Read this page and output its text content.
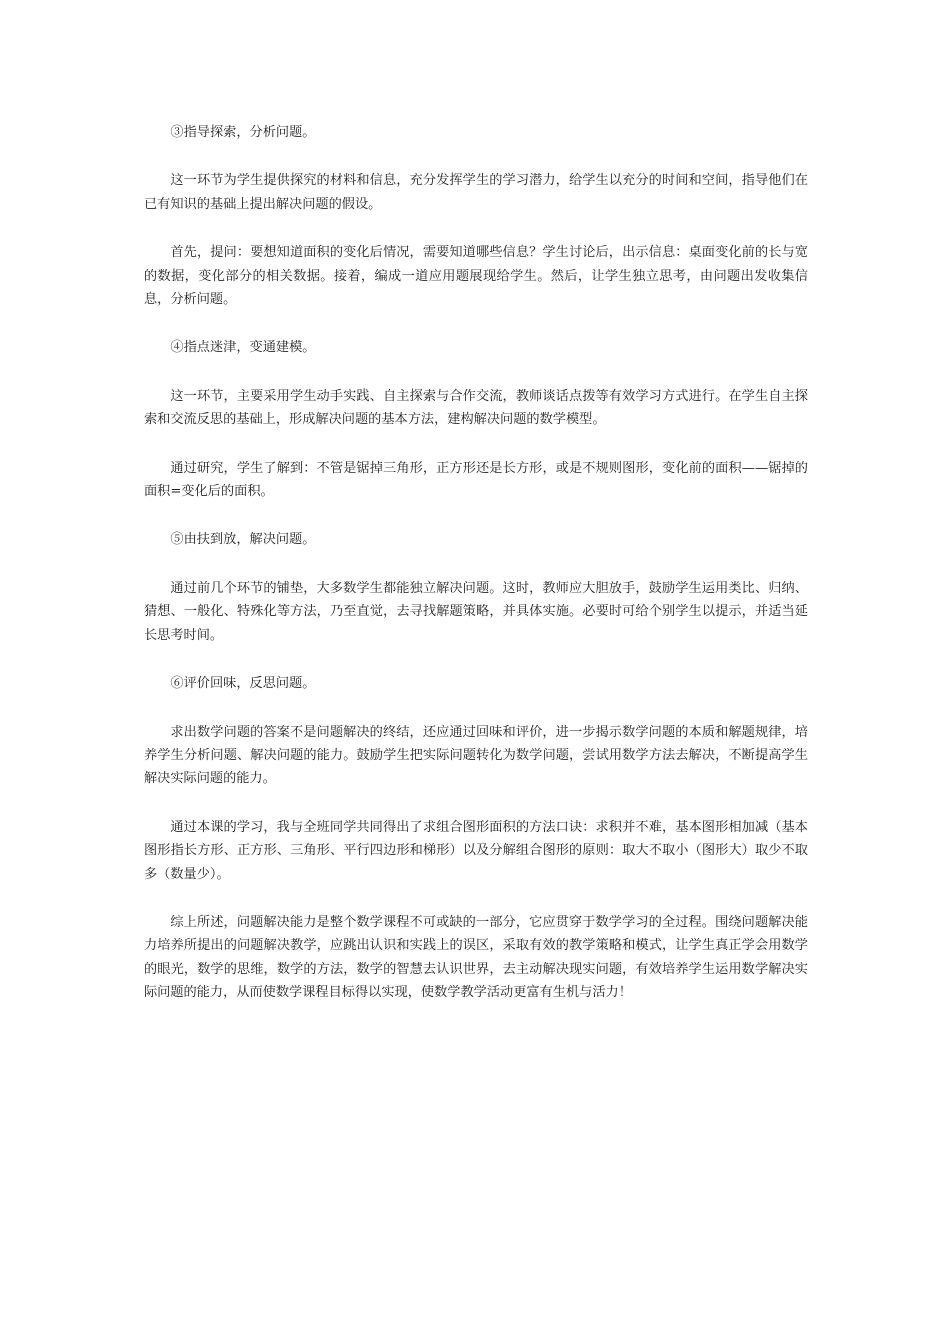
③指导探索，分析问题。

这一环节为学生提供探究的材料和信息，充分发挥学生的学习潜力，给学生以充分的时间和空间，指导他们在已有知识的基础上提出解决问题的假设。

首先，提问：要想知道面积的变化后情况，需要知道哪些信息？学生讨论后，出示信息：桌面变化前的长与宽的数据，变化部分的相关数据。接着，编成一道应用题展现给学生。然后，让学生独立思考，由问题出发收集信息，分析问题。

④指点迷津，变通建模。

这一环节，主要采用学生动手实践、自主探索与合作交流，教师谈话点拨等有效学习方式进行。在学生自主探索和交流反思的基础上，形成解决问题的基本方法，建构解决问题的数学模型。

通过研究，学生了解到：不管是锯掉三角形，正方形还是长方形，或是不规则图形，变化前的面积——锯掉的面积=变化后的面积。

⑤由扶到放，解决问题。

通过前几个环节的铺垫，大多数学生都能独立解决问题。这时，教师应大胆放手，鼓励学生运用类比、归纳、猜想、一般化、特殊化等方法，乃至直觉，去寻找解题策略，并具体实施。必要时可给个别学生以提示，并适当延长思考时间。

⑥评价回味，反思问题。

求出数学问题的答案不是问题解决的终结，还应通过回味和评价，进一步揭示数学问题的本质和解题规律，培养学生分析问题、解决问题的能力。鼓励学生把实际问题转化为数学问题，尝试用数学方法去解决，不断提高学生解决实际问题的能力。

通过本课的学习，我与全班同学共同得出了求组合图形面积的方法口诀：求积并不难，基本图形相加减（基本图形指长方形、正方形、三角形、平行四边形和梯形）以及分解组合图形的原则：取大不取小（图形大）取少不取多（数量少）。

综上所述，问题解决能力是整个数学课程不可或缺的一部分，它应贯穿于数学学习的全过程。围绕问题解决能力培养所提出的问题解决教学，应跳出认识和实践上的误区，采取有效的教学策略和模式，让学生真正学会用数学的眼光，数学的思维，数学的方法，数学的智慧去认识世界，去主动解决现实问题，有效培养学生运用数学解决实际问题的能力，从而使数学课程目标得以实现，使数学教学活动更富有生机与活力！
